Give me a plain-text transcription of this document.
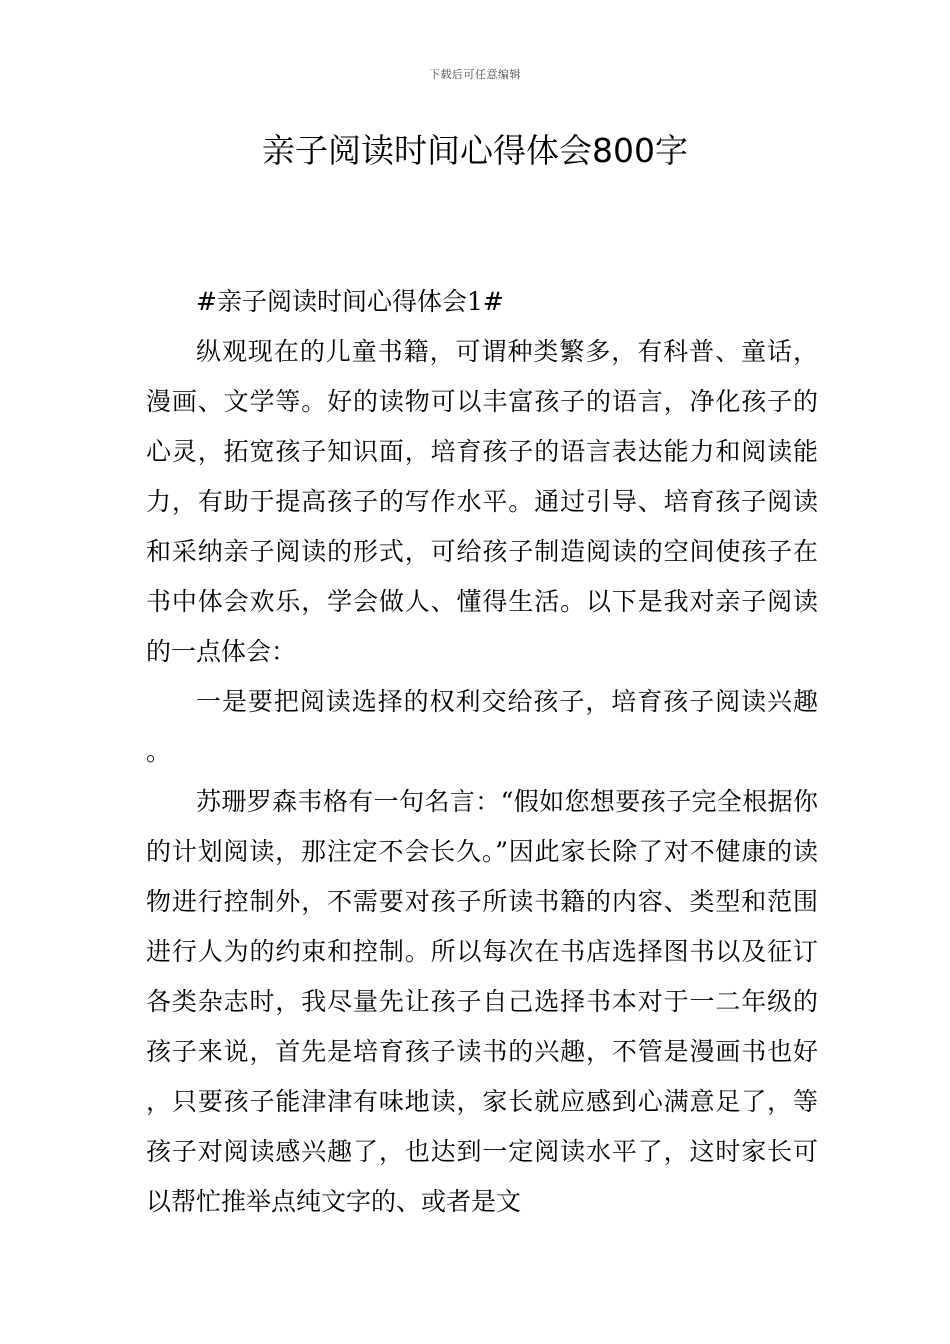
下载后可任意编辑
亲子阅读时间心得体会800字

#亲子阅读时间心得体会1#

纵观现在的儿童书籍，可谓种类繁多，有科普、童话，漫画、文学等。好的读物可以丰富孩子的语言，净化孩子的心灵，拓宽孩子知识面，培育孩子的语言表达能力和阅读能力，有助于提高孩子的写作水平。通过引导、培育孩子阅读和采纳亲子阅读的形式，可给孩子制造阅读的空间使孩子在书中体会欢乐，学会做人、懂得生活。以下是我对亲子阅读的一点体会：

一是要把阅读选择的权利交给孩子，培育孩子阅读兴趣。

苏珊罗森韦格有一句名言：“假如您想要孩子完全根据你的计划阅读，那注定不会长久。”因此家长除了对不健康的读物进行控制外，不需要对孩子所读书籍的内容、类型和范围进行人为的约束和控制。所以每次在书店选择图书以及征订各类杂志时，我尽量先让孩子自己选择书本对于一二年级的孩子来说，首先是培育孩子读书的兴趣，不管是漫画书也好，只要孩子能津津有味地读，家长就应感到心满意足了，等孩子对阅读感兴趣了，也达到一定阅读水平了，这时家长可以帮忙推举点纯文字的、或者是文
